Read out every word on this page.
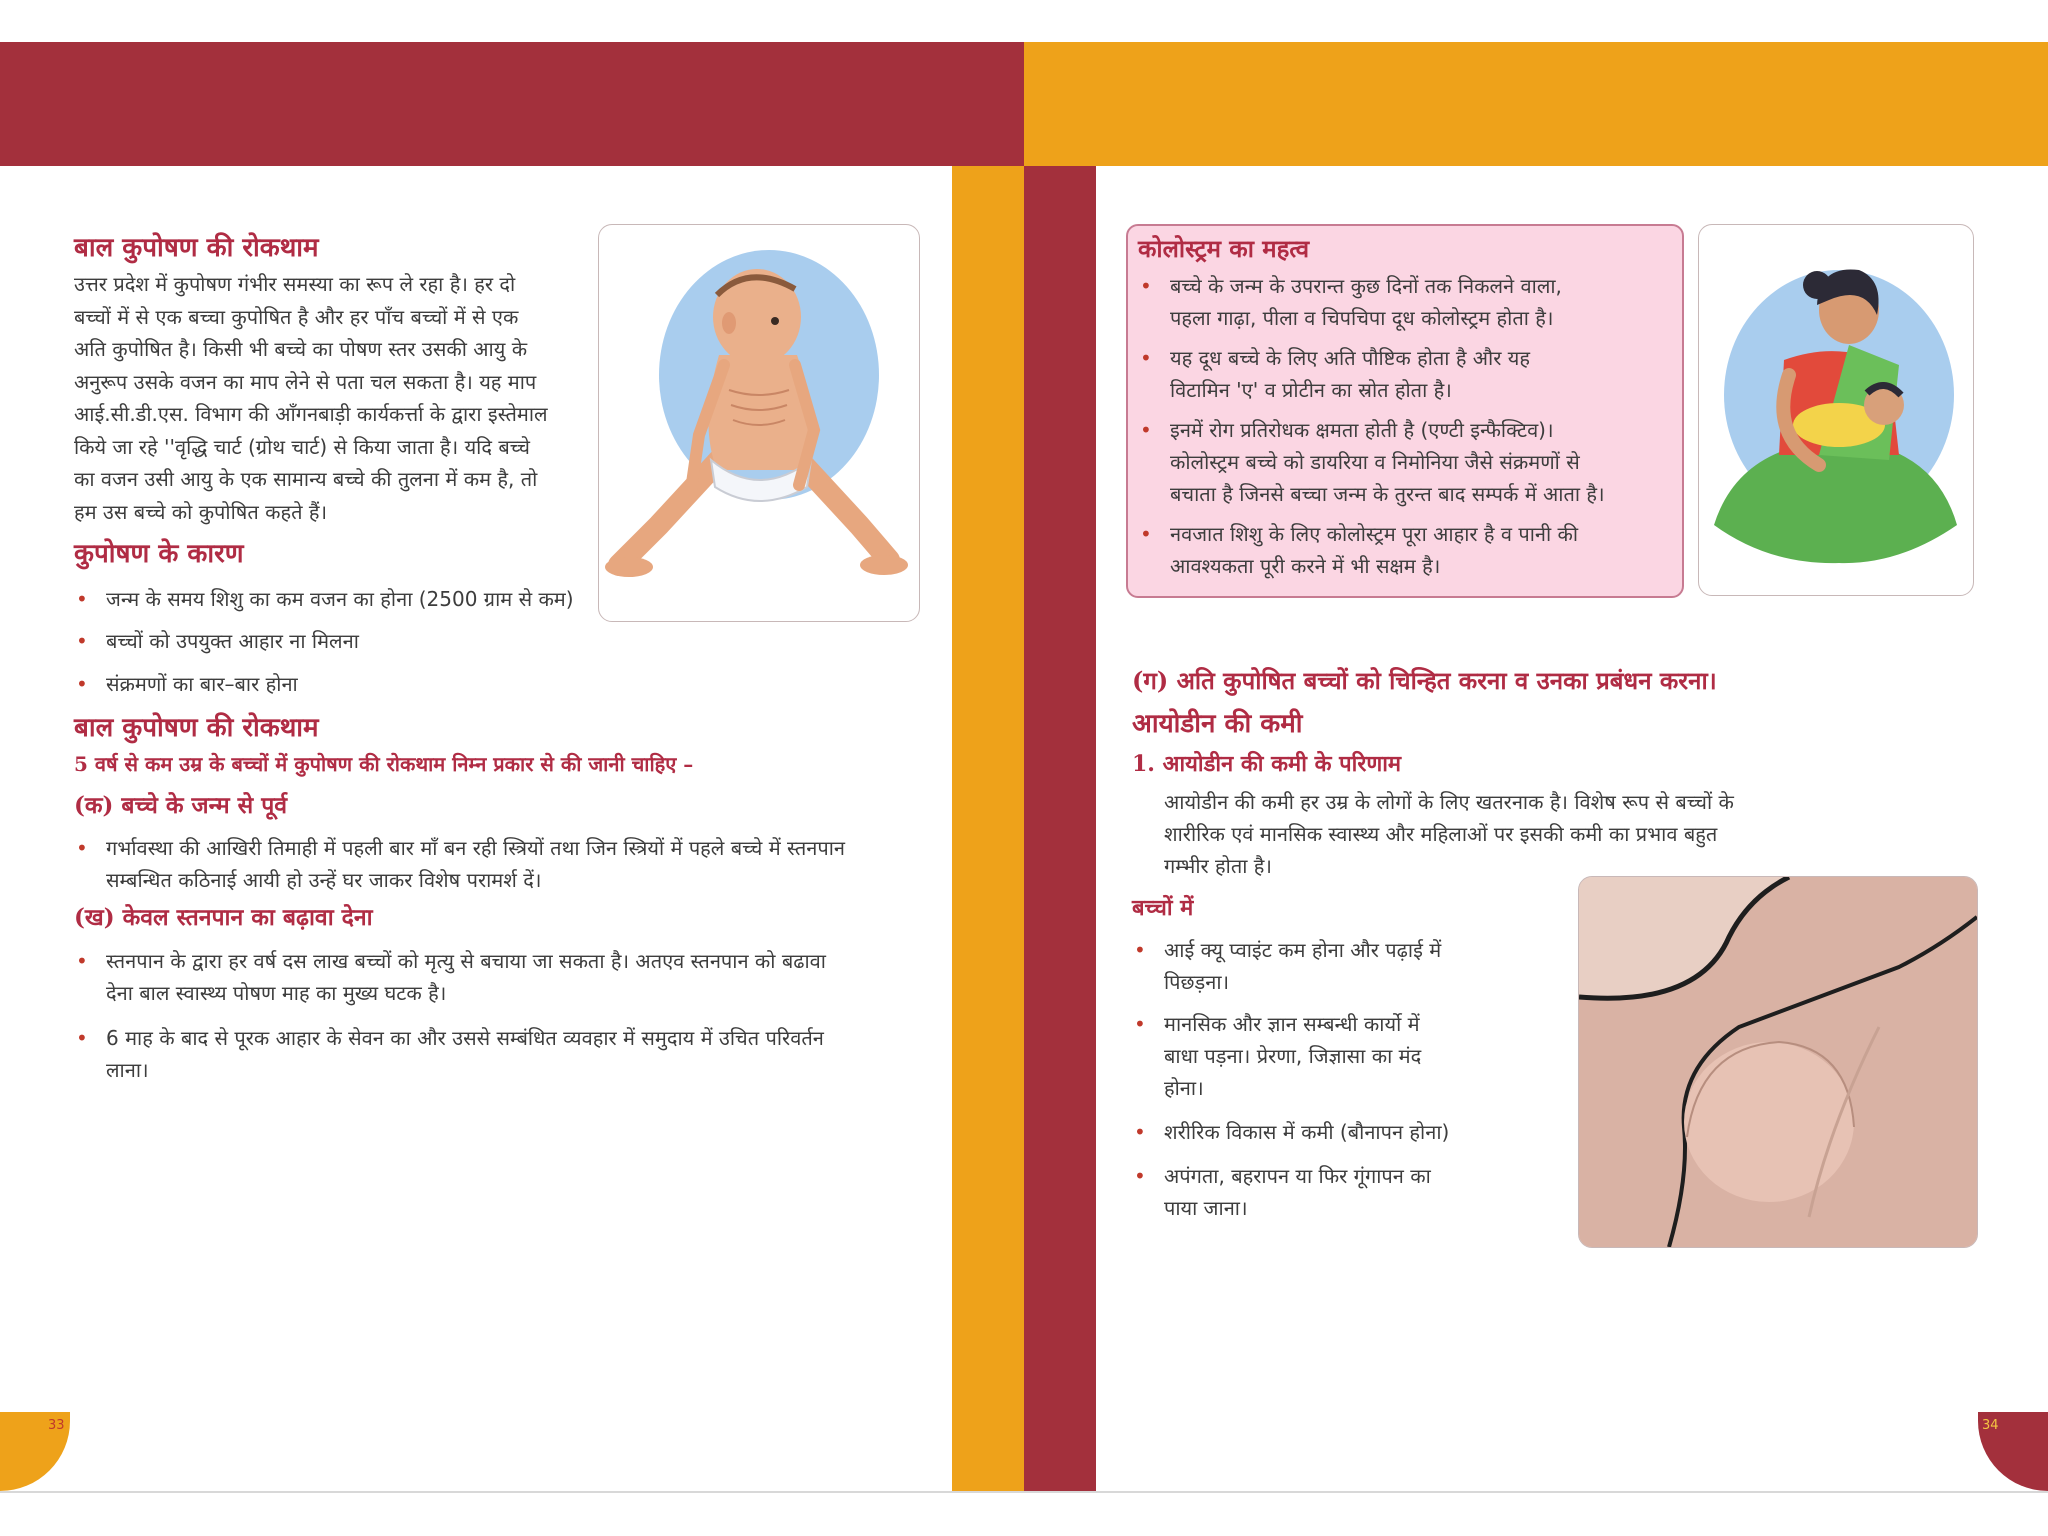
33	34
बाल कुपोषण की रोकथाम
उत्तर प्रदेश में कुपोषण गंभीर समस्या का रूप ले रहा है। हर दो
बच्चों में से एक बच्चा कुपोषित है और हर पाँच बच्चों में से एक
अति कुपोषित है। किसी भी बच्चे का पोषण स्तर उसकी आयु के
अनुरूप उसके वजन का माप लेने से पता चल सकता है। यह माप
आई.सी.डी.एस. विभाग की आँगनबाड़ी कार्यकर्त्ता के द्वारा इस्तेमाल
किये जा रहे ''वृद्धि चार्ट (ग्रोथ चार्ट) से किया जाता है। यदि बच्चे
का वजन उसी आयु के एक सामान्य बच्चे की तुलना में कम है, तो
हम उस बच्चे को कुपोषित कहते हैं।
कुपोषण के कारण
• जन्म के समय शिशु का कम वजन का होना (2500 ग्राम से कम)
• बच्चों को उपयुक्त आहार ना मिलना
• संक्रमणों का बार–बार होना
बाल कुपोषण की रोकथाम
5 वर्ष से कम उम्र के बच्चों में कुपोषण की रोकथाम निम्न प्रकार से की जानी चाहिए –
(क) बच्चे के जन्म से पूर्व
• गर्भावस्था की आखिरी तिमाही में पहली बार माँ बन रही स्त्रियों तथा जिन स्त्रियों में पहले बच्चे में स्तनपान
सम्बन्धित कठिनाई आयी हो उन्हें घर जाकर विशेष परामर्श दें।
(ख) केवल स्तनपान का बढ़ावा देना
• स्तनपान के द्वारा हर वर्ष दस लाख बच्चों को मृत्यु से बचाया जा सकता है। अतएव स्तनपान को बढावा
देना बाल स्वास्थ्य पोषण माह का मुख्य घटक है।
• 6 माह के बाद से पूरक आहार के सेवन का और उससे सम्बंधित व्यवहार में समुदाय में उचित परिवर्तन
लाना।
कोलोस्ट्रम का महत्व
• बच्चे के जन्म के उपरान्त कुछ दिनों तक निकलने वाला,
पहला गाढ़ा, पीला व चिपचिपा दूध कोलोस्ट्रम होता है।
• यह दूध बच्चे के लिए अति पौष्टिक होता है और यह
विटामिन 'ए' व प्रोटीन का स्रोत होता है।
• इनमें रोग प्रतिरोधक क्षमता होती है (एण्टी इन्फैक्टिव)।
कोलोस्ट्रम बच्चे को डायरिया व निमोनिया जैसे संक्रमणों से
बचाता है जिनसे बच्चा जन्म के तुरन्त बाद सम्पर्क में आता है।
• नवजात शिशु के लिए कोलोस्ट्रम पूरा आहार है व पानी की
आवश्यकता पूरी करने में भी सक्षम है।
(ग) अति कुपोषित बच्चों को चिन्हित करना व उनका प्रबंधन करना।
आयोडीन की कमी
1. आयोडीन की कमी के परिणाम
आयोडीन की कमी हर उम्र के लोगों के लिए खतरनाक है। विशेष रूप से बच्चों के
शारीरिक एवं मानसिक स्वास्थ्य और महिलाओं पर इसकी कमी का प्रभाव बहुत
गम्भीर होता है।
बच्चों में
• आई क्यू प्वाइंट कम होना और पढ़ाई में
पिछड़ना।
• मानसिक और ज्ञान सम्बन्धी कार्यो में
बाधा पड़ना। प्रेरणा, जिज्ञासा का मंद
होना।
• शरीरिक विकास में कमी (बौनापन होना)
• अपंगता, बहरापन या फिर गूंगापन का
पाया जाना।
